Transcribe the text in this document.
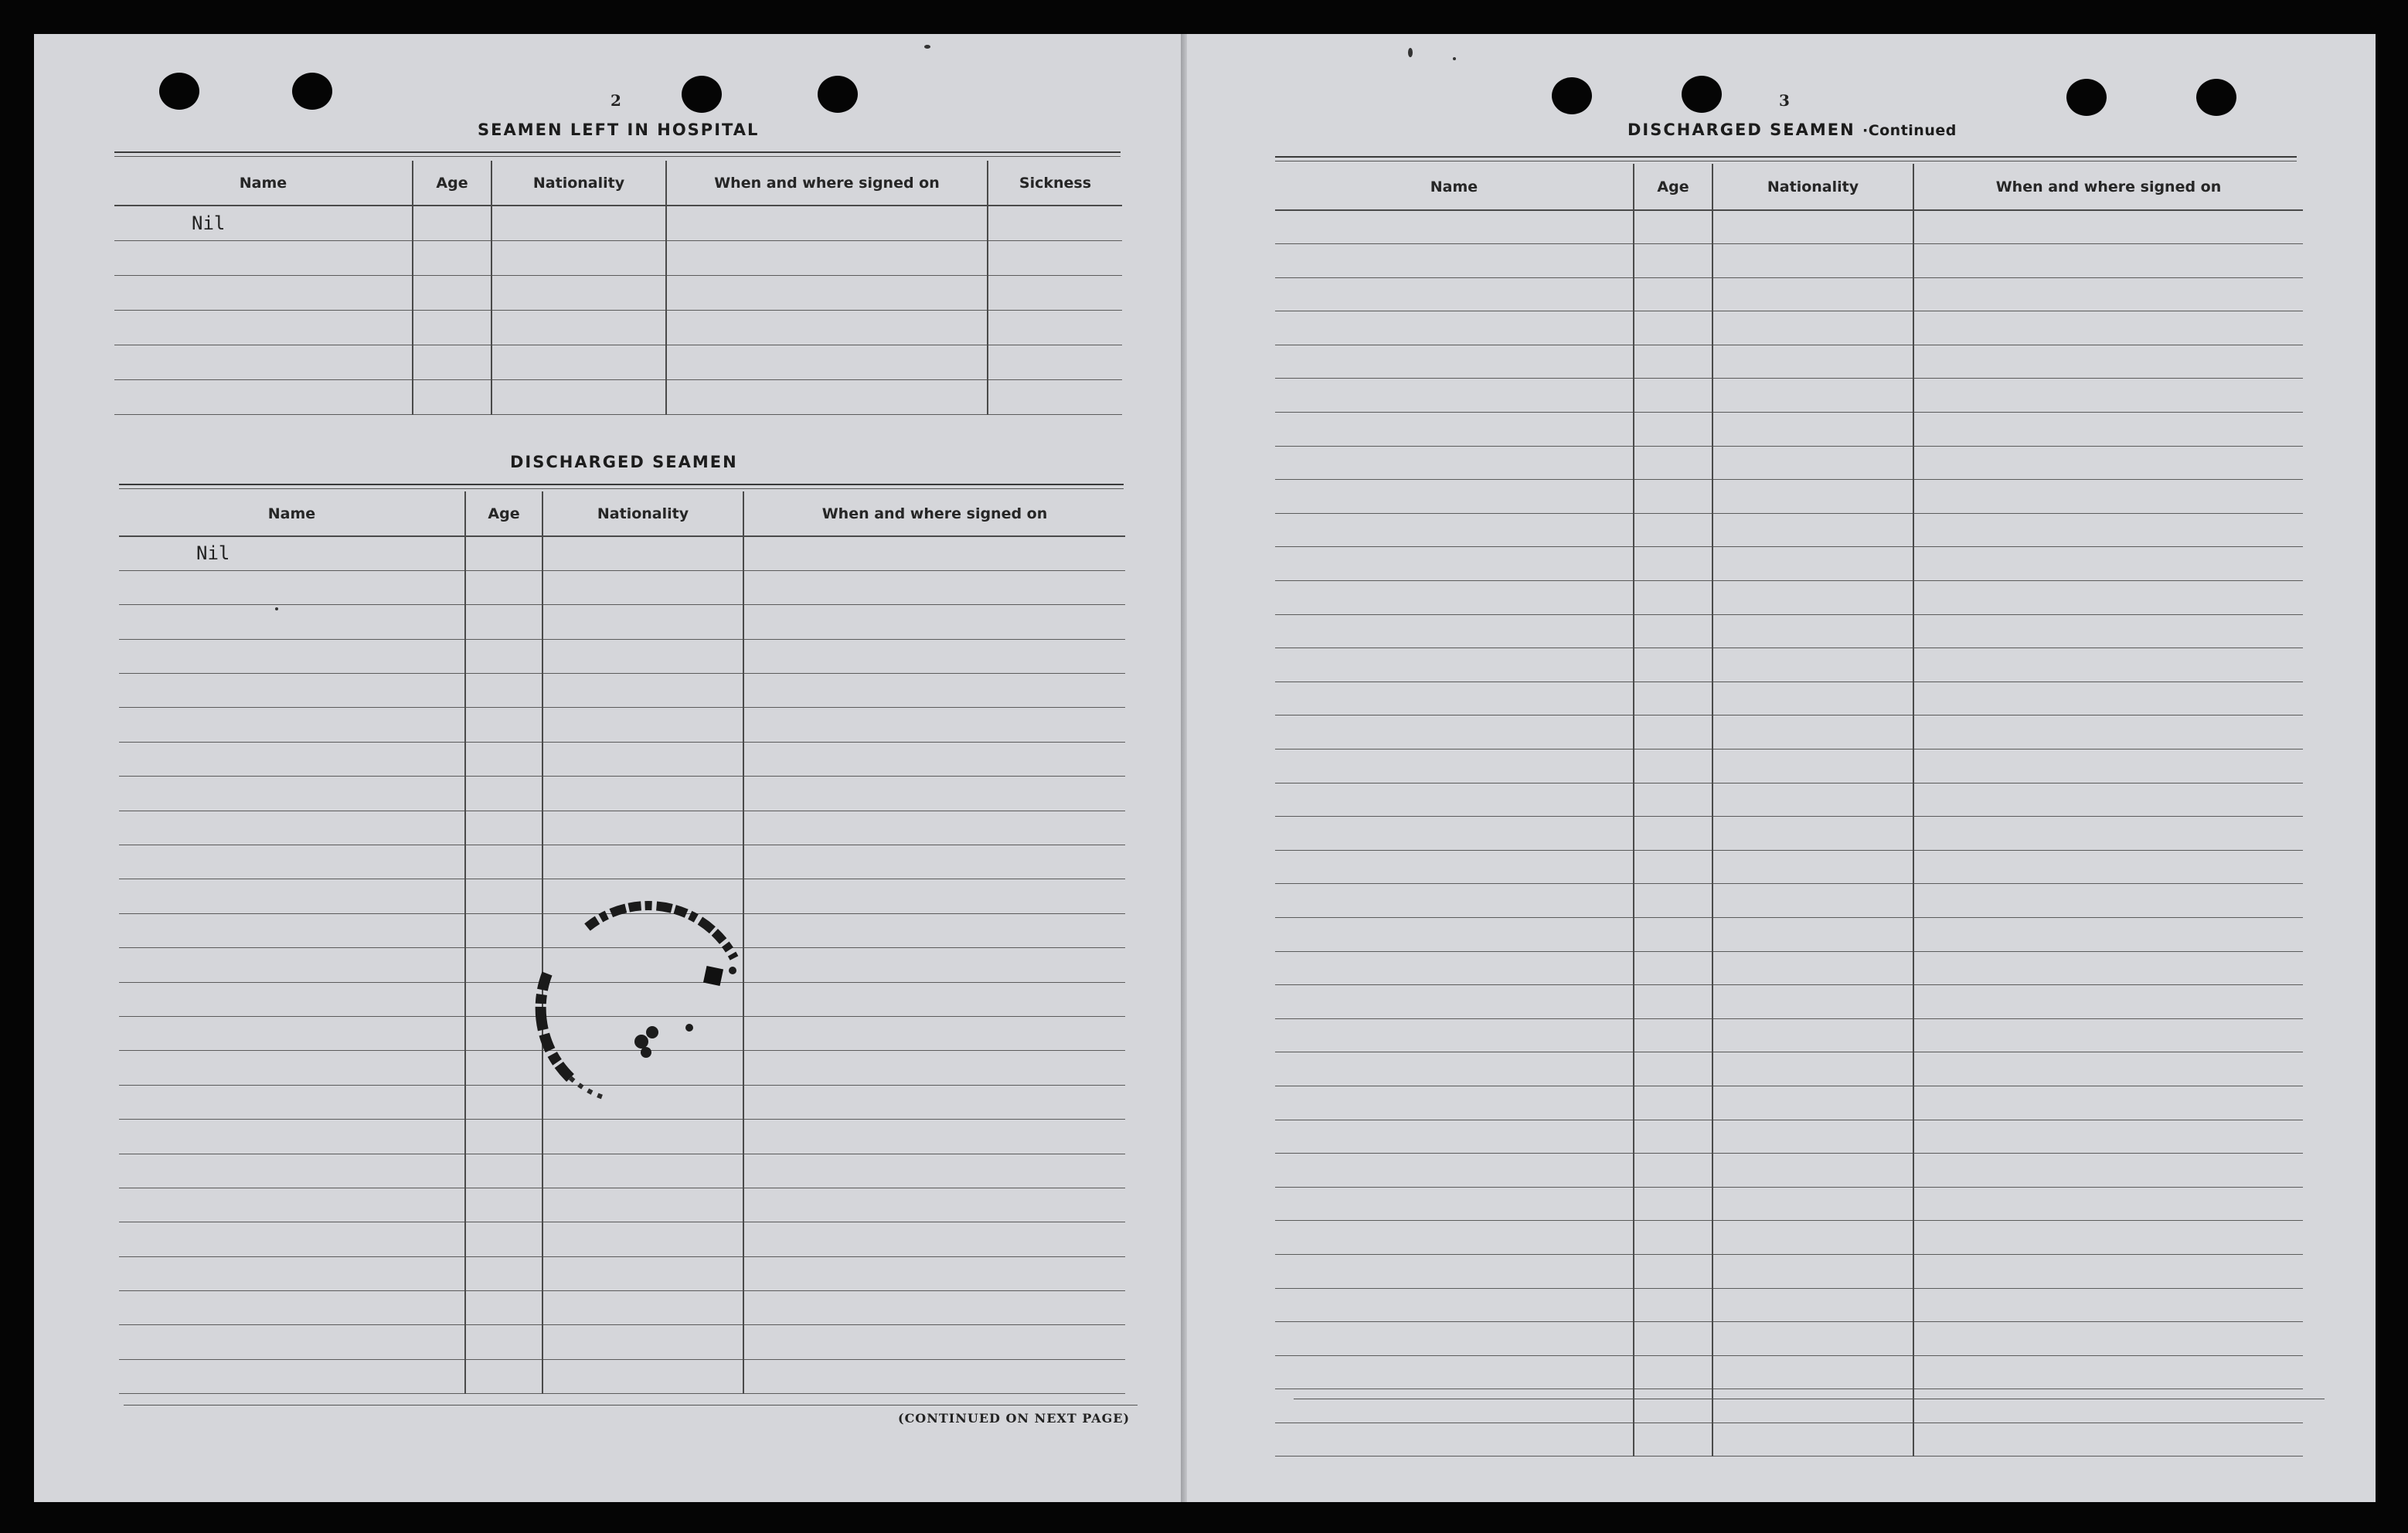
2
SEAMEN LEFT IN HOSPITAL
Name	Age	Nationality	When and where signed on	Sickness
Nil				

DISCHARGED SEAMEN
Name	Age	Nationality	When and where signed on
Nil			

(CONTINUED ON NEXT PAGE)
3
DISCHARGED SEAMEN ·Continued
Name	Age	Nationality	When and where signed on
